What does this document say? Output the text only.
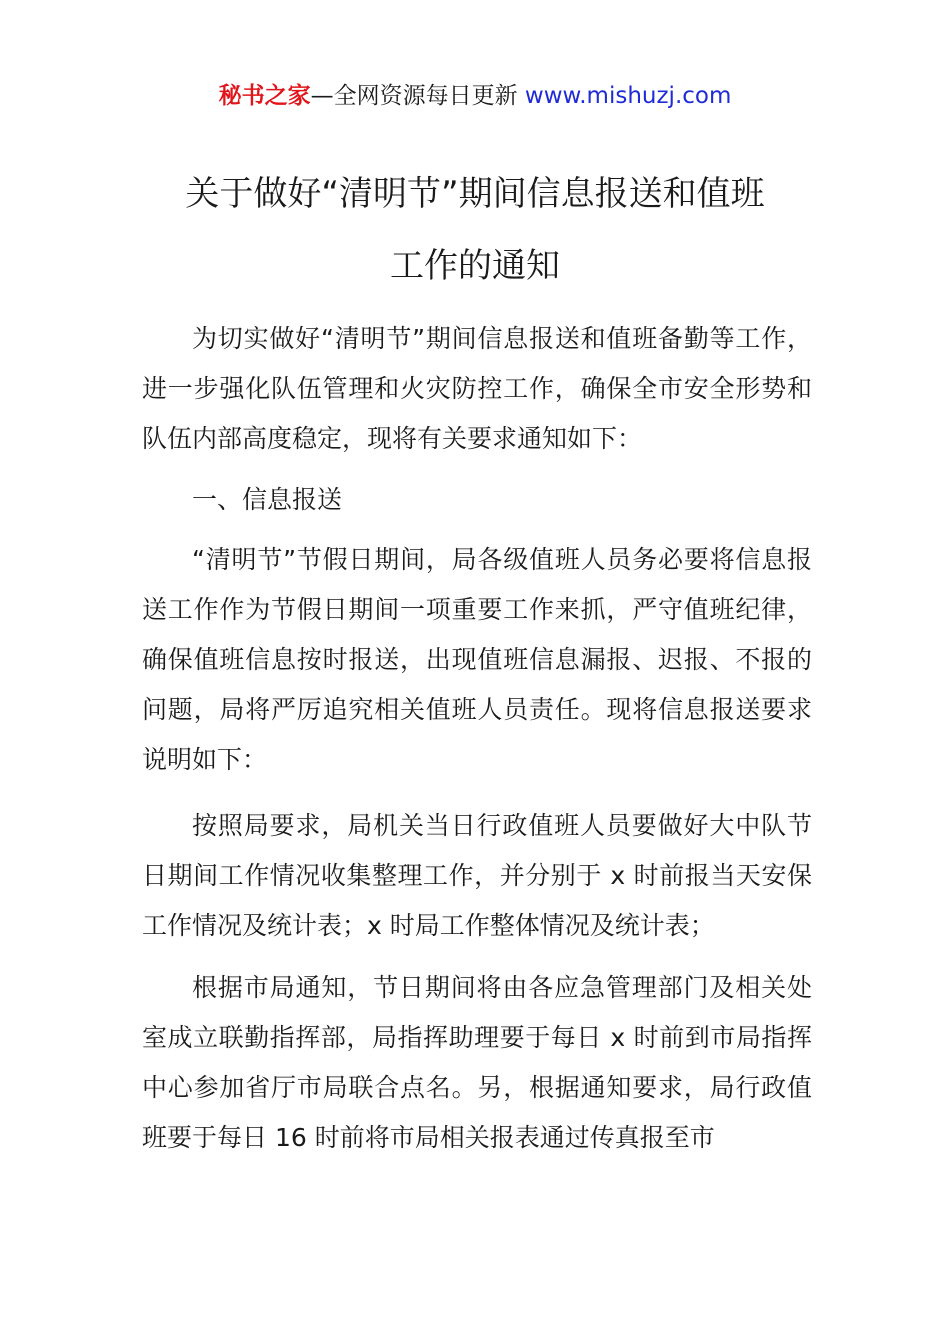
秘书之家—全网资源每日更新 www.mishuzj.com
关于做好“清明节”期间信息报送和值班
工作的通知

为切实做好“清明节”期间信息报送和值班备勤等工作，进一步强化队伍管理和火灾防控工作，确保全市安全形势和队伍内部高度稳定，现将有关要求通知如下：

一、信息报送

“清明节”节假日期间，局各级值班人员务必要将信息报送工作作为节假日期间一项重要工作来抓，严守值班纪律，确保值班信息按时报送，出现值班信息漏报、迟报、不报的问题，局将严厉追究相关值班人员责任。现将信息报送要求说明如下：

按照局要求，局机关当日行政值班人员要做好大中队节日期间工作情况收集整理工作，并分别于 x 时前报当天安保工作情况及统计表；x 时局工作整体情况及统计表；

根据市局通知，节日期间将由各应急管理部门及相关处室成立联勤指挥部，局指挥助理要于每日 x 时前到市局指挥中心参加省厅市局联合点名。另，根据通知要求，局行政值班要于每日 16 时前将市局相关报表通过传真报至市
